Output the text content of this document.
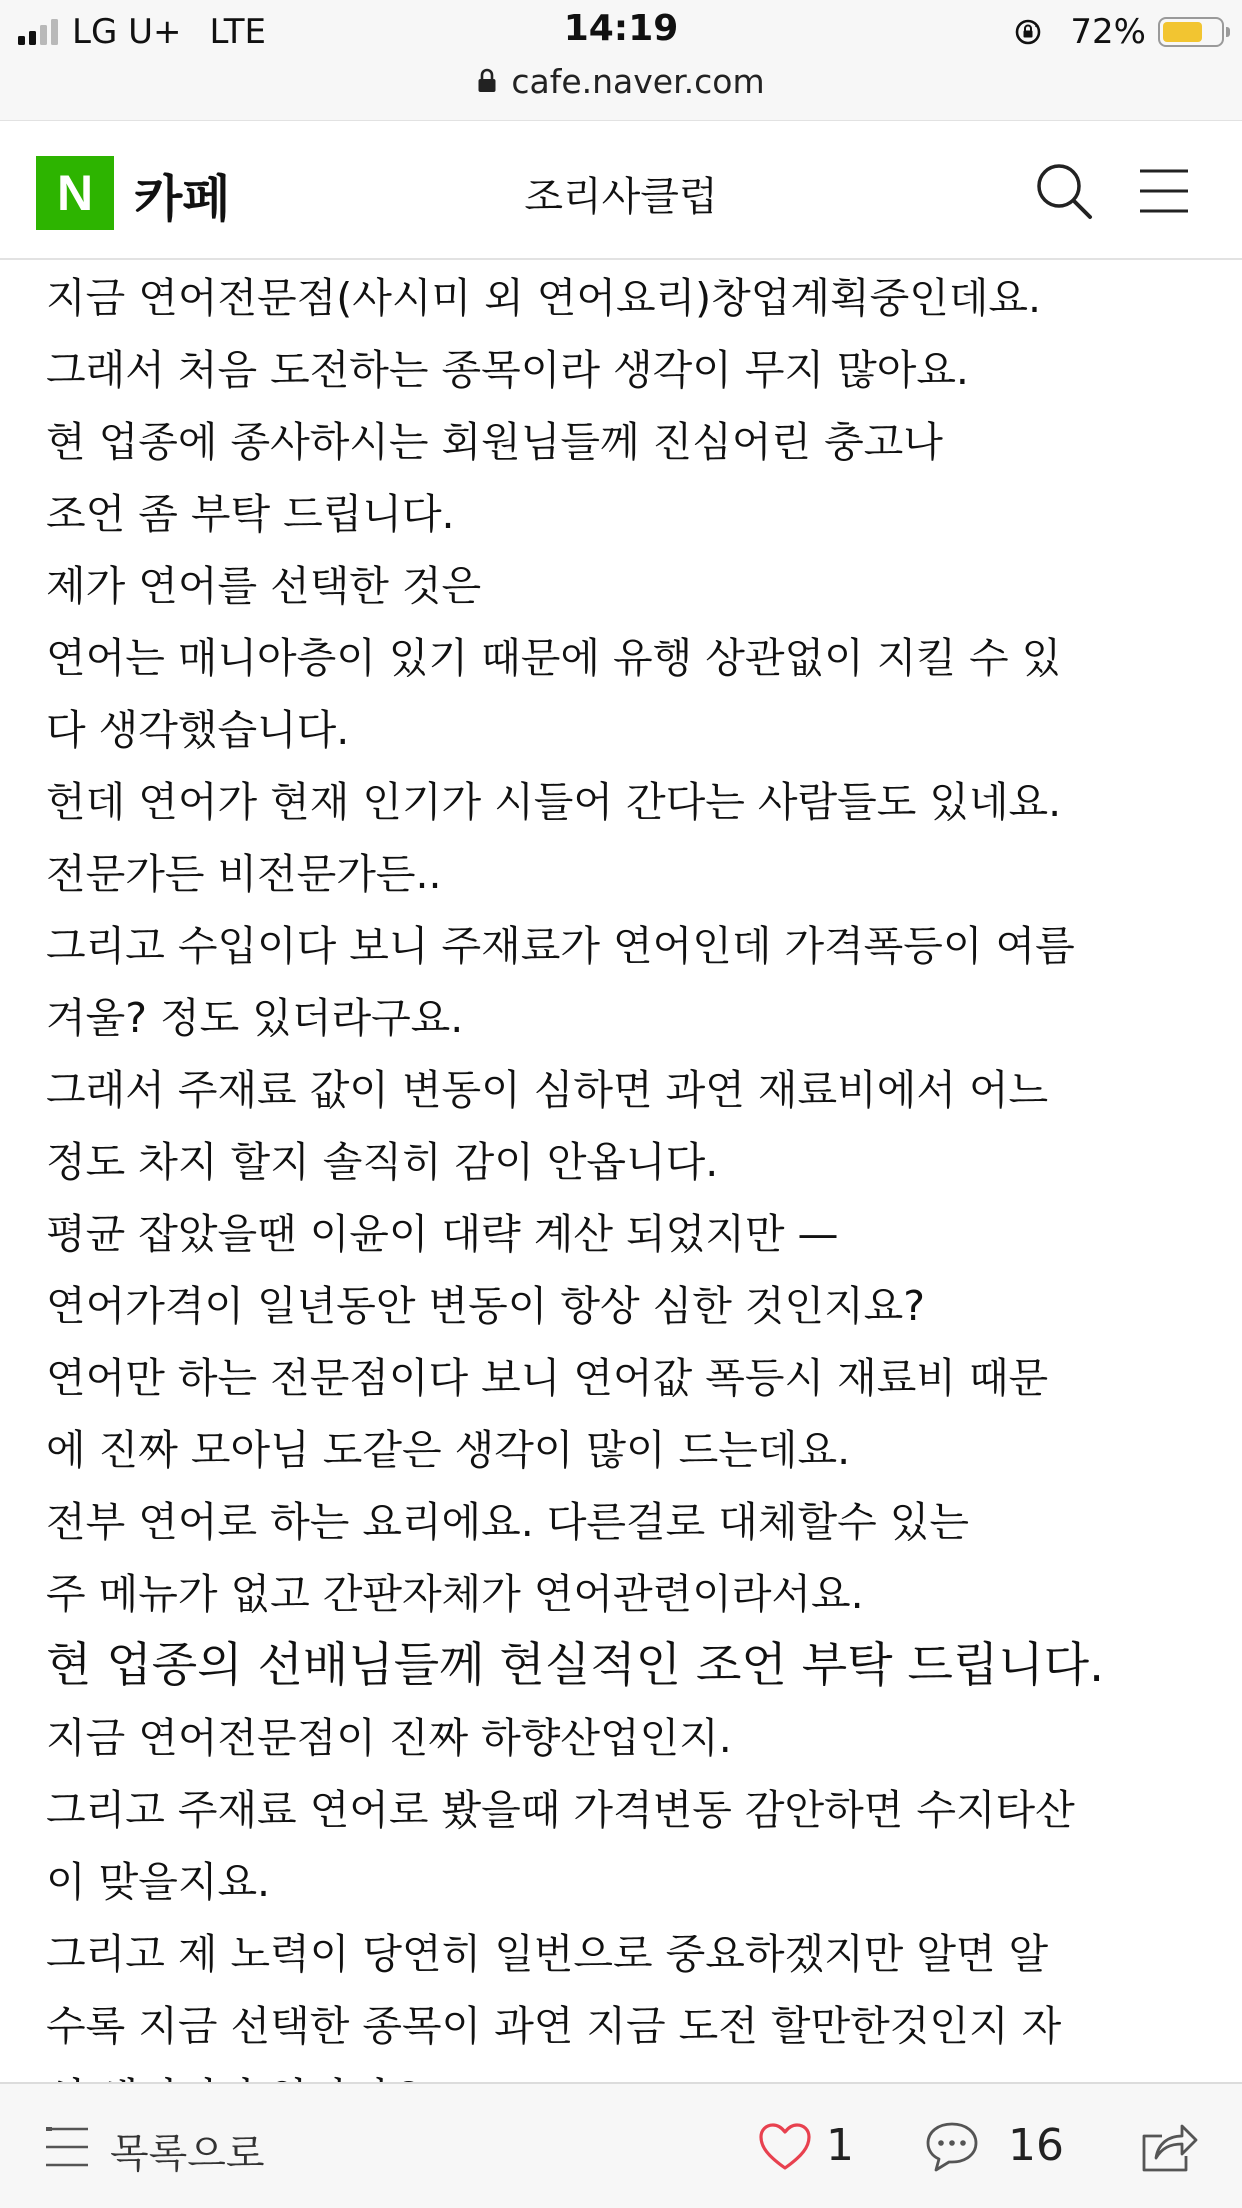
LG U+ LTE	14:19	72%
cafe.naver.com
N 카페	조리사클럽

지금 연어전문점(사시미 외 연어요리)창업계획중인데요.

그래서 처음 도전하는 종목이라 생각이 무지 많아요.

현 업종에 종사하시는 회원님들께 진심어린 충고나

조언 좀 부탁 드립니다.

제가 연어를 선택한 것은

연어는 매니아층이 있기 때문에 유행 상관없이 지킬 수 있

다 생각했습니다.

헌데 연어가 현재 인기가 시들어 간다는 사람들도 있네요.

전문가든 비전문가든..

그리고 수입이다 보니 주재료가 연어인데 가격폭등이 여름

겨울? 정도 있더라구요.

그래서 주재료 값이 변동이 심하면 과연 재료비에서 어느

정도 차지 할지 솔직히 감이 안옵니다.

평균 잡았을땐 이윤이 대략 계산 되었지만 —

연어가격이 일년동안 변동이 항상 심한 것인지요?

연어만 하는 전문점이다 보니 연어값 폭등시 재료비 때문

에 진짜 모아님 도같은 생각이 많이 드는데요.

전부 연어로 하는 요리에요. 다른걸로 대체할수 있는

주 메뉴가 없고 간판자체가 연어관련이라서요.

현 업종의 선배님들께 현실적인 조언 부탁 드립니다.

지금 연어전문점이 진짜 하향산업인지.

그리고 주재료 연어로 봤을때 가격변동 감안하면 수지타산

이 맞을지요.

그리고 제 노력이 당연히 일번으로 중요하겠지만 알면 알

수록 지금 선택한 종목이 과연 지금 도전 할만한것인지 자

목록으로	1	16
